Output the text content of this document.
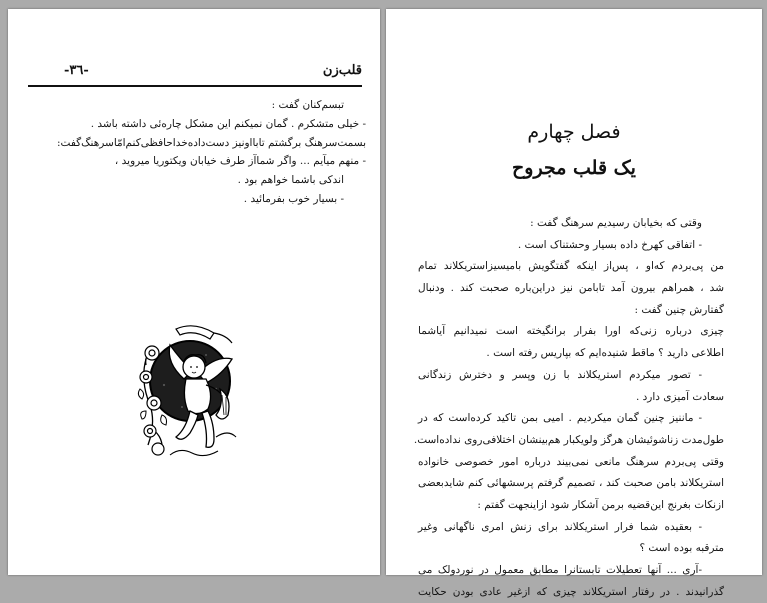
قلب‌زن
-٣٦-
تبسم‌کنان گفت :
- خیلی متشکرم . گمان نمیکنم این مشکل چاره‌ئی داشته باشد .
بسمت‌سرهنگ برگشتم تا‌بااونیز دست‌داده‌خداحافظی‌کنم‌امّاسرهنگ‌گفت:
- منهم میآیم ... واگر شماآز طرف خیابان ویکتوریا میروید ،
اندکی باشما خواهم بود .
- بسیار خوب بفرمائید .
فصل چهارم
یک قلب مجروح
وقتی که بخیابان رسیدیم سرهنگ گفت :
- اتفاقی کهرخ داده بسیار وحشتناک است .
من پی‌بردم که‌او ، پس‌از اینکه گفتگویش بامیسیز‌استریکلاند تمام
شد ، همراهم بیرون آمد تابامن نیز دراین‌باره صحبت کند . ودنبال
گفتارش چنین گفت :
چیزی درباره زنی‌که اورا بفرار برانگیخته است نمیدانیم آیاشما
اطلاعی دارید ؟ ماقط شنیده‌ایم که بپاریس رفته است .
- تصور میکردم استریکلاند با زن وپسر و دخترش زندگانی
سعادت آمیزی دارد .
- ماننیز چنین گمان میکردیم . امیی بمن تاکید کرده‌است که در
طول‌مدت زناشوئیشان هرگز ولو‌یکبار هم‌بینشان اختلافی‌روی نداده‌است.
وقتی پی‌بردم سرهنگ مانعی نمی‌بیند درباره امور خصوصی خانواده
استریکلاند بامن صحبت کند ، تصمیم گرفتم پرسشهائی کنم شاید‌بعضی
ازنکات بغرنج این‌قضیه برمن آشکار شود ازاینجهت گفتم :
- بعقیده شما فرار استریکلاند برای زنش امری ناگهانی وغیر
مترقبه بوده است ؟
-آری ... آنها تعطیلات تابستانرا مطابق معمول در نوردولک می‌
گذرانیدند . در رفتار استریکلاند چیزی که ازغیر عادی بودن حکایت
